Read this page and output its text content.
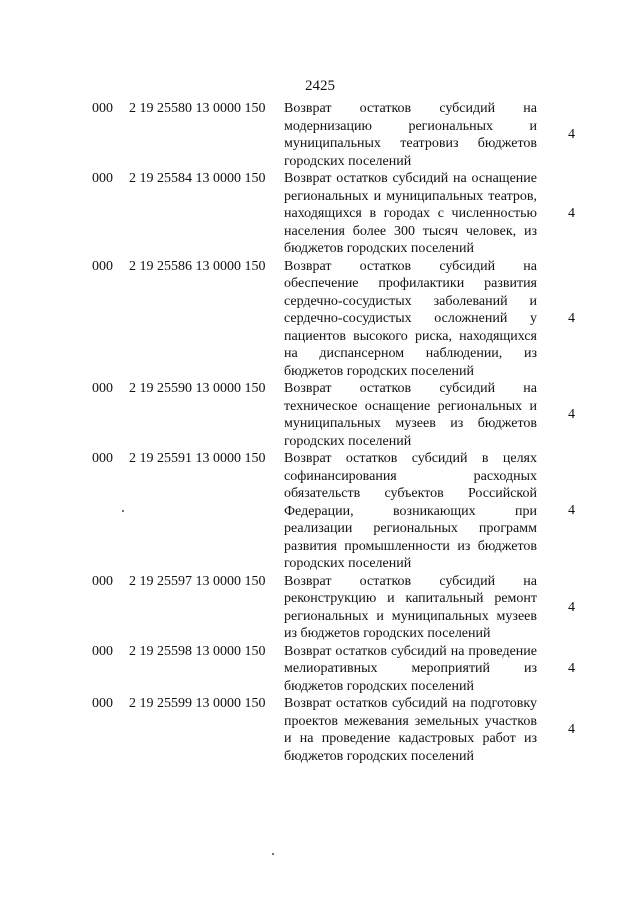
2425
000 2 19 25580 13 0000 150 Возврат остатков субсидий на модернизацию региональных и муниципальных театровиз бюджетов городских поселений
4
000 2 19 25584 13 0000 150 Возврат остатков субсидий на оснащение региональных и муниципальных театров, находящихся в городах с численностью населения более 300 тысяч человек, из бюджетов городских поселений
4
000 2 19 25586 13 0000 150 Возврат остатков субсидий на обеспечение профилактики развития сердечно-сосудистых заболеваний и сердечно-сосудистых осложнений у пациентов высокого риска, находящихся на диспансерном наблюдении, из бюджетов городских поселений
4
000 2 19 25590 13 0000 150 Возврат остатков субсидий на техническое оснащение региональных и муниципальных музеев из бюджетов городских поселений
4
000 2 19 25591 13 0000 150 Возврат остатков субсидий в целях софинансирования расходных обязательств субъектов Российской Федерации, возникающих при реализации региональных программ развития промышленности из бюджетов городских поселений
4
000 2 19 25597 13 0000 150 Возврат остатков субсидий на реконструкцию и капитальный ремонт региональных и муниципальных музеев из бюджетов городских поселений
4
000 2 19 25598 13 0000 150 Возврат остатков субсидий на проведение мелиоративных мероприятий из бюджетов городских поселений
4
000 2 19 25599 13 0000 150 Возврат остатков субсидий на подготовку проектов межевания земельных участков и на проведение кадастровых работ из бюджетов городских поселений
4
